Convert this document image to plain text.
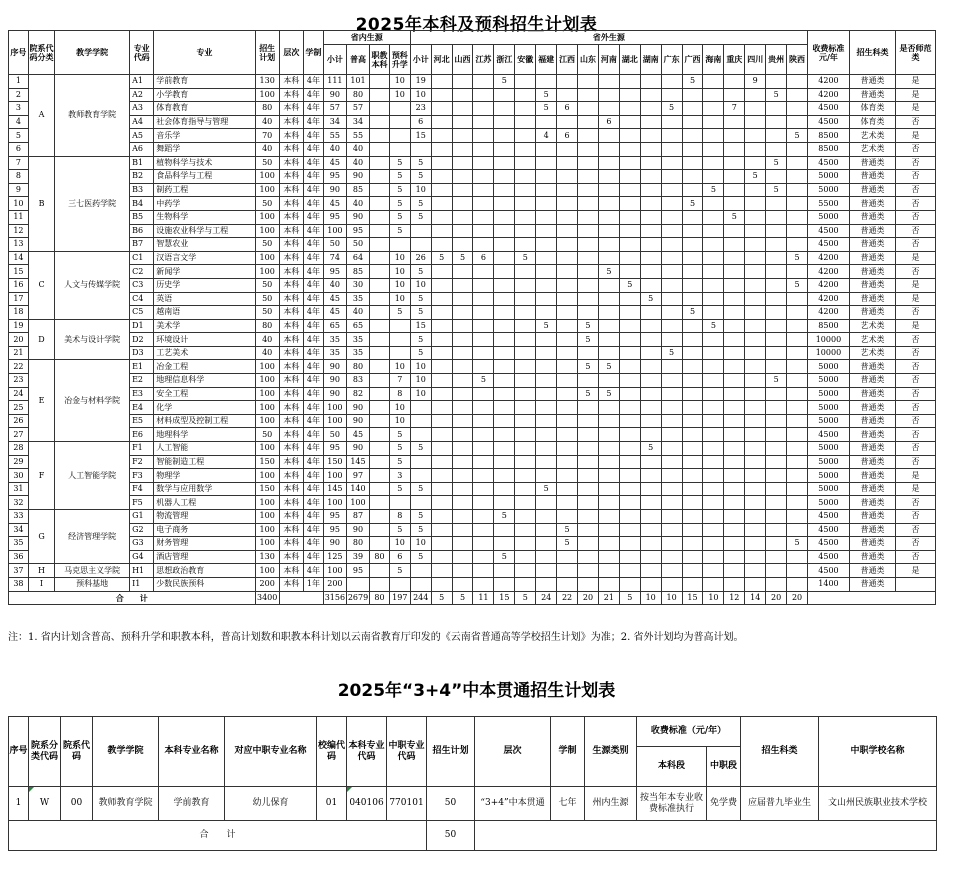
2025年本科及预科招生计划表
序号	院系代码分类	教学学院	专业代码	专业	招生计划	层次	学制	省内生源				省外生源																			收费标准元/年	招生科类	是否师范类
								小计	普高	职教本科	预科升学	小计	河北	山西	江苏	浙江	安徽	福建	江西	山东	河南	湖北	湖南	广东	广西	海南	重庆	四川	贵州	陕西			
1	A	教师教育学院	A1	学前教育	130	本科	4年	111	101		10	19				5									5			9			4200	普通类	是
2			A2	小学教育	100	本科	4年	90	80		10	10						5											5		4200	普通类	是
3			A3	体育教育	80	本科	4年	57	57			23						5	6					5			7				4500	体育类	是
4			A4	社会体育指导与管理	40	本科	4年	34	34			6									6										4500	体育类	否
5			A5	音乐学	70	本科	4年	55	55			15						4	6											5	8500	艺术类	是
6			A6	舞蹈学	40	本科	4年	40	40																						8500	艺术类	否
7	B	三七医药学院	B1	植物科学与技术	50	本科	4年	45	40		5	5																	5		4500	普通类	否
8			B2	食品科学与工程	100	本科	4年	95	90		5	5																5			5000	普通类	否
9			B3	制药工程	100	本科	4年	90	85		5	10														5			5		5000	普通类	否
10			B4	中药学	50	本科	4年	45	40		5	5													5						5500	普通类	否
11			B5	生物科学	100	本科	4年	95	90		5	5															5				5000	普通类	否
12			B6	设施农业科学与工程	100	本科	4年	100	95		5																				4500	普通类	否
13			B7	智慧农业	50	本科	4年	50	50																						4500	普通类	否
14	C	人文与传媒学院	C1	汉语言文学	100	本科	4年	74	64		10	26	5	5	6		5													5	4200	普通类	是
15			C2	新闻学	100	本科	4年	95	85		10	5									5										4200	普通类	否
16			C3	历史学	50	本科	4年	40	30		10	10										5								5	4200	普通类	是
17			C4	英语	50	本科	4年	45	35		10	5											5								4200	普通类	是
18			C5	越南语	50	本科	4年	45	40		5	5													5						4200	普通类	否
19	D	美术与设计学院	D1	美术学	80	本科	4年	65	65			15						5		5						5					8500	艺术类	是
20			D2	环境设计	40	本科	4年	35	35			5								5											10000	艺术类	否
21			D3	工艺美术	40	本科	4年	35	35			5												5							10000	艺术类	否
22	E	冶金与材料学院	E1	冶金工程	100	本科	4年	90	80		10	10								5	5										5000	普通类	否
23			E2	地理信息科学	100	本科	4年	90	83		7	10			5														5		5000	普通类	否
24			E3	安全工程	100	本科	4年	90	82		8	10								5	5										5000	普通类	否
25			E4	化学	100	本科	4年	100	90		10																				5000	普通类	否
26			E5	材料成型及控制工程	100	本科	4年	100	90		10																				5000	普通类	否
27			E6	地理科学	50	本科	4年	50	45		5																				4500	普通类	否
28	F	人工智能学院	F1	人工智能	100	本科	4年	95	90		5	5											5								5000	普通类	否
29			F2	智能制造工程	150	本科	4年	150	145		5																				5000	普通类	否
30			F3	物理学	100	本科	4年	100	97		3																				5000	普通类	是
31			F4	数学与应用数学	150	本科	4年	145	140		5	5						5													5000	普通类	是
32			F5	机器人工程	100	本科	4年	100	100																						5000	普通类	否
33	G	经济管理学院	G1	物流管理	100	本科	4年	95	87		8	5				5															4500	普通类	否
34			G2	电子商务	100	本科	4年	95	90		5	5							5												4500	普通类	否
35			G3	财务管理	100	本科	4年	90	80		10	10							5											5	4500	普通类	否
36			G4	酒店管理	130	本科	4年	125	39	80	6	5				5															4500	普通类	否
37	H	马克思主义学院	H1	思想政治教育	100	本科	4年	100	95		5																				4500	普通类	是
38	I	预科基地	I1	少数民族预科	200	本科	1年	200																							1400	普通类	
合　　计					3400			3156	2679	80	197	244	5	5	11	15	5	24	22	20	21	5	10	10	15	10	12	14	20	20			
注：1. 省内计划含普高、预科升学和职教本科，普高计划数和职教本科计划以云南省教育厅印发的《云南省普通高等学校招生计划》为准；2. 省外计划均为普高计划。
2025年“3+4”中本贯通招生计划表
序号	院系分类代码	院系代码	教学学院	本科专业名称	对应中职专业名称	校编代码	本科专业代码	中职专业代码	招生计划	层次	学制	生源类别	收费标准（元/年）		招生科类	中职学校名称
													本科段	中职段		
1	W	00	教师教育学院	学前教育	幼儿保育	01	040106	770101	50	“3+4”中本贯通	七年	州内生源	按当年本专业收费标准执行	免学费	应届普九毕业生	文山州民族职业技术学校
合　　计									50							
